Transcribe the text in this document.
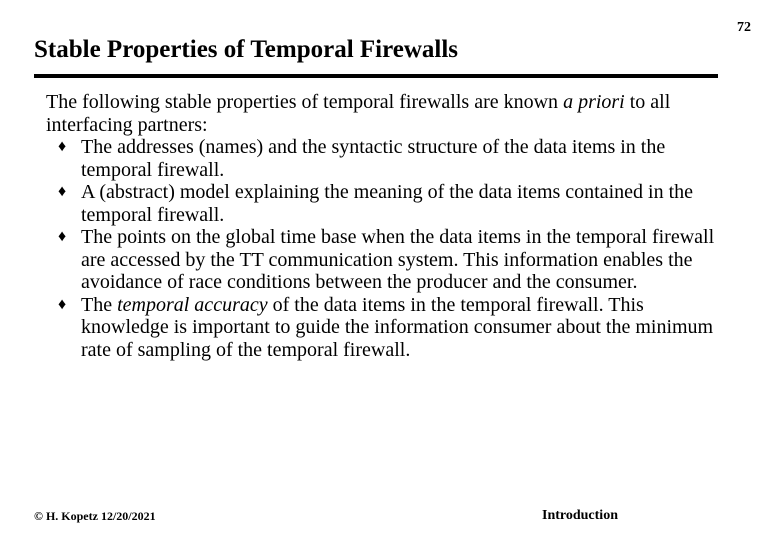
72
Stable Properties of Temporal Firewalls

The following stable properties of temporal firewalls are known a priori to all interfacing partners:

♦ The addresses (names) and the syntactic structure of the data items in the temporal firewall.
♦ A (abstract) model explaining the meaning of the data items contained in the temporal firewall.
♦ The points on the global time base when the data items in the temporal firewall are accessed by the TT communication system. This information enables the avoidance of race conditions between the producer and the consumer.
♦ The temporal accuracy of the data items in the temporal firewall. This knowledge is important to guide the information consumer about the minimum rate of sampling of the temporal firewall.
© H. Kopetz 12/20/2021	Introduction
